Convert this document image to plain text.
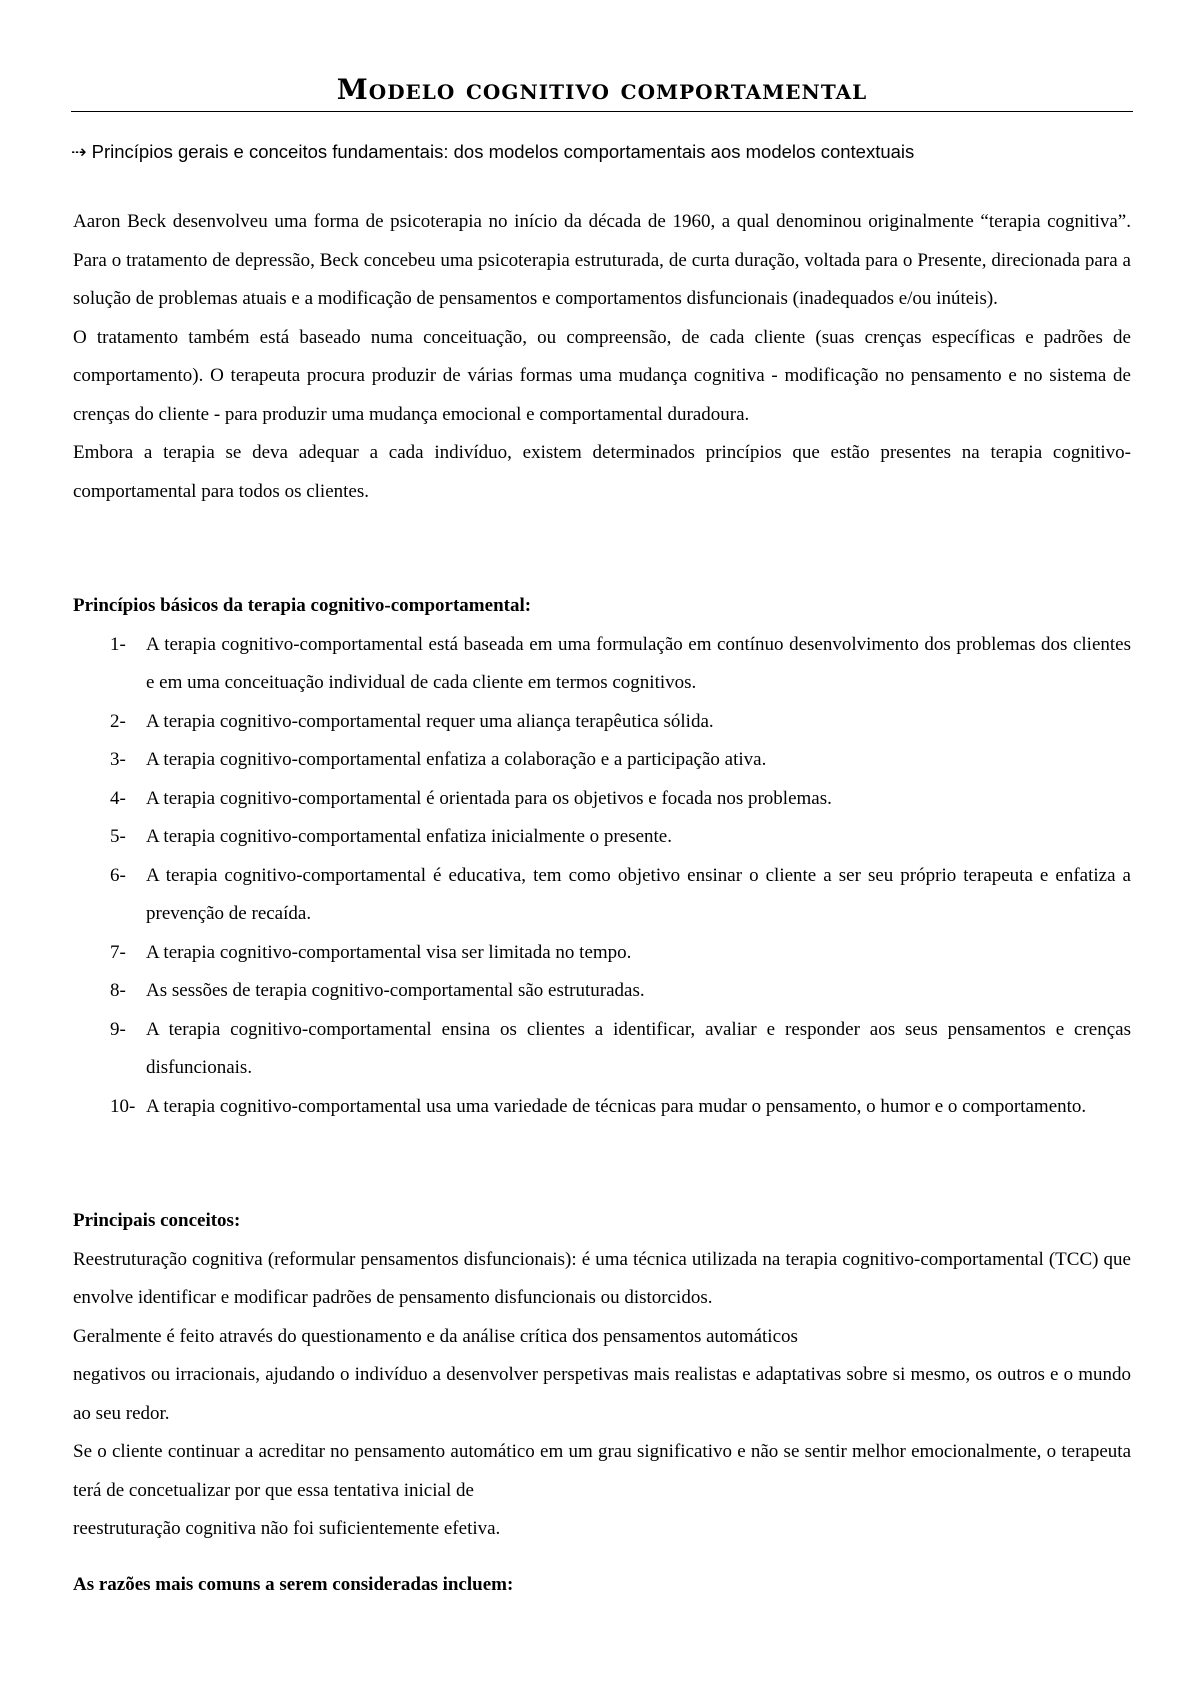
Modelo cognitivo comportamental
⇢ Princípios gerais e conceitos fundamentais: dos modelos comportamentais aos modelos contextuais

Aaron Beck desenvolveu uma forma de psicoterapia no início da década de 1960, a qual denominou originalmente “terapia cognitiva”. Para o tratamento de depressão, Beck concebeu uma psicoterapia estruturada, de curta duração, voltada para o Presente, direcionada para a solução de problemas atuais e a modificação de pensamentos e comportamentos disfuncionais (inadequados e/ou inúteis).

O tratamento também está baseado numa conceituação, ou compreensão, de cada cliente (suas crenças específicas e padrões de comportamento). O terapeuta procura produzir de várias formas uma mudança cognitiva - modificação no pensamento e no sistema de crenças do cliente - para produzir uma mudança emocional e comportamental duradoura.

Embora a terapia se deva adequar a cada indivíduo, existem determinados princípios que estão presentes na terapia cognitivo-comportamental para todos os clientes.

Princípios básicos da terapia cognitivo-comportamental:

1- A terapia cognitivo-comportamental está baseada em uma formulação em contínuo desenvolvimento dos problemas dos clientes e em uma conceituação individual de cada cliente em termos cognitivos.
2- A terapia cognitivo-comportamental requer uma aliança terapêutica sólida.
3- A terapia cognitivo-comportamental enfatiza a colaboração e a participação ativa.
4- A terapia cognitivo-comportamental é orientada para os objetivos e focada nos problemas.
5- A terapia cognitivo-comportamental enfatiza inicialmente o presente.
6- A terapia cognitivo-comportamental é educativa, tem como objetivo ensinar o cliente a ser seu próprio terapeuta e enfatiza a prevenção de recaída.
7- A terapia cognitivo-comportamental visa ser limitada no tempo.
8- As sessões de terapia cognitivo-comportamental são estruturadas.
9- A terapia cognitivo-comportamental ensina os clientes a identificar, avaliar e responder aos seus pensamentos e crenças disfuncionais.
10- A terapia cognitivo-comportamental usa uma variedade de técnicas para mudar o pensamento, o humor e o comportamento.

Principais conceitos:

Reestruturação cognitiva (reformular pensamentos disfuncionais): é uma técnica utilizada na terapia cognitivo-comportamental (TCC) que envolve identificar e modificar padrões de pensamento disfuncionais ou distorcidos.

Geralmente é feito através do questionamento e da análise crítica dos pensamentos automáticos

negativos ou irracionais, ajudando o indivíduo a desenvolver perspetivas mais realistas e adaptativas sobre si mesmo, os outros e o mundo ao seu redor.

Se o cliente continuar a acreditar no pensamento automático em um grau significativo e não se sentir melhor emocionalmente, o terapeuta terá de concetualizar por que essa tentativa inicial de

reestruturação cognitiva não foi suficientemente efetiva.

As razões mais comuns a serem consideradas incluem:
